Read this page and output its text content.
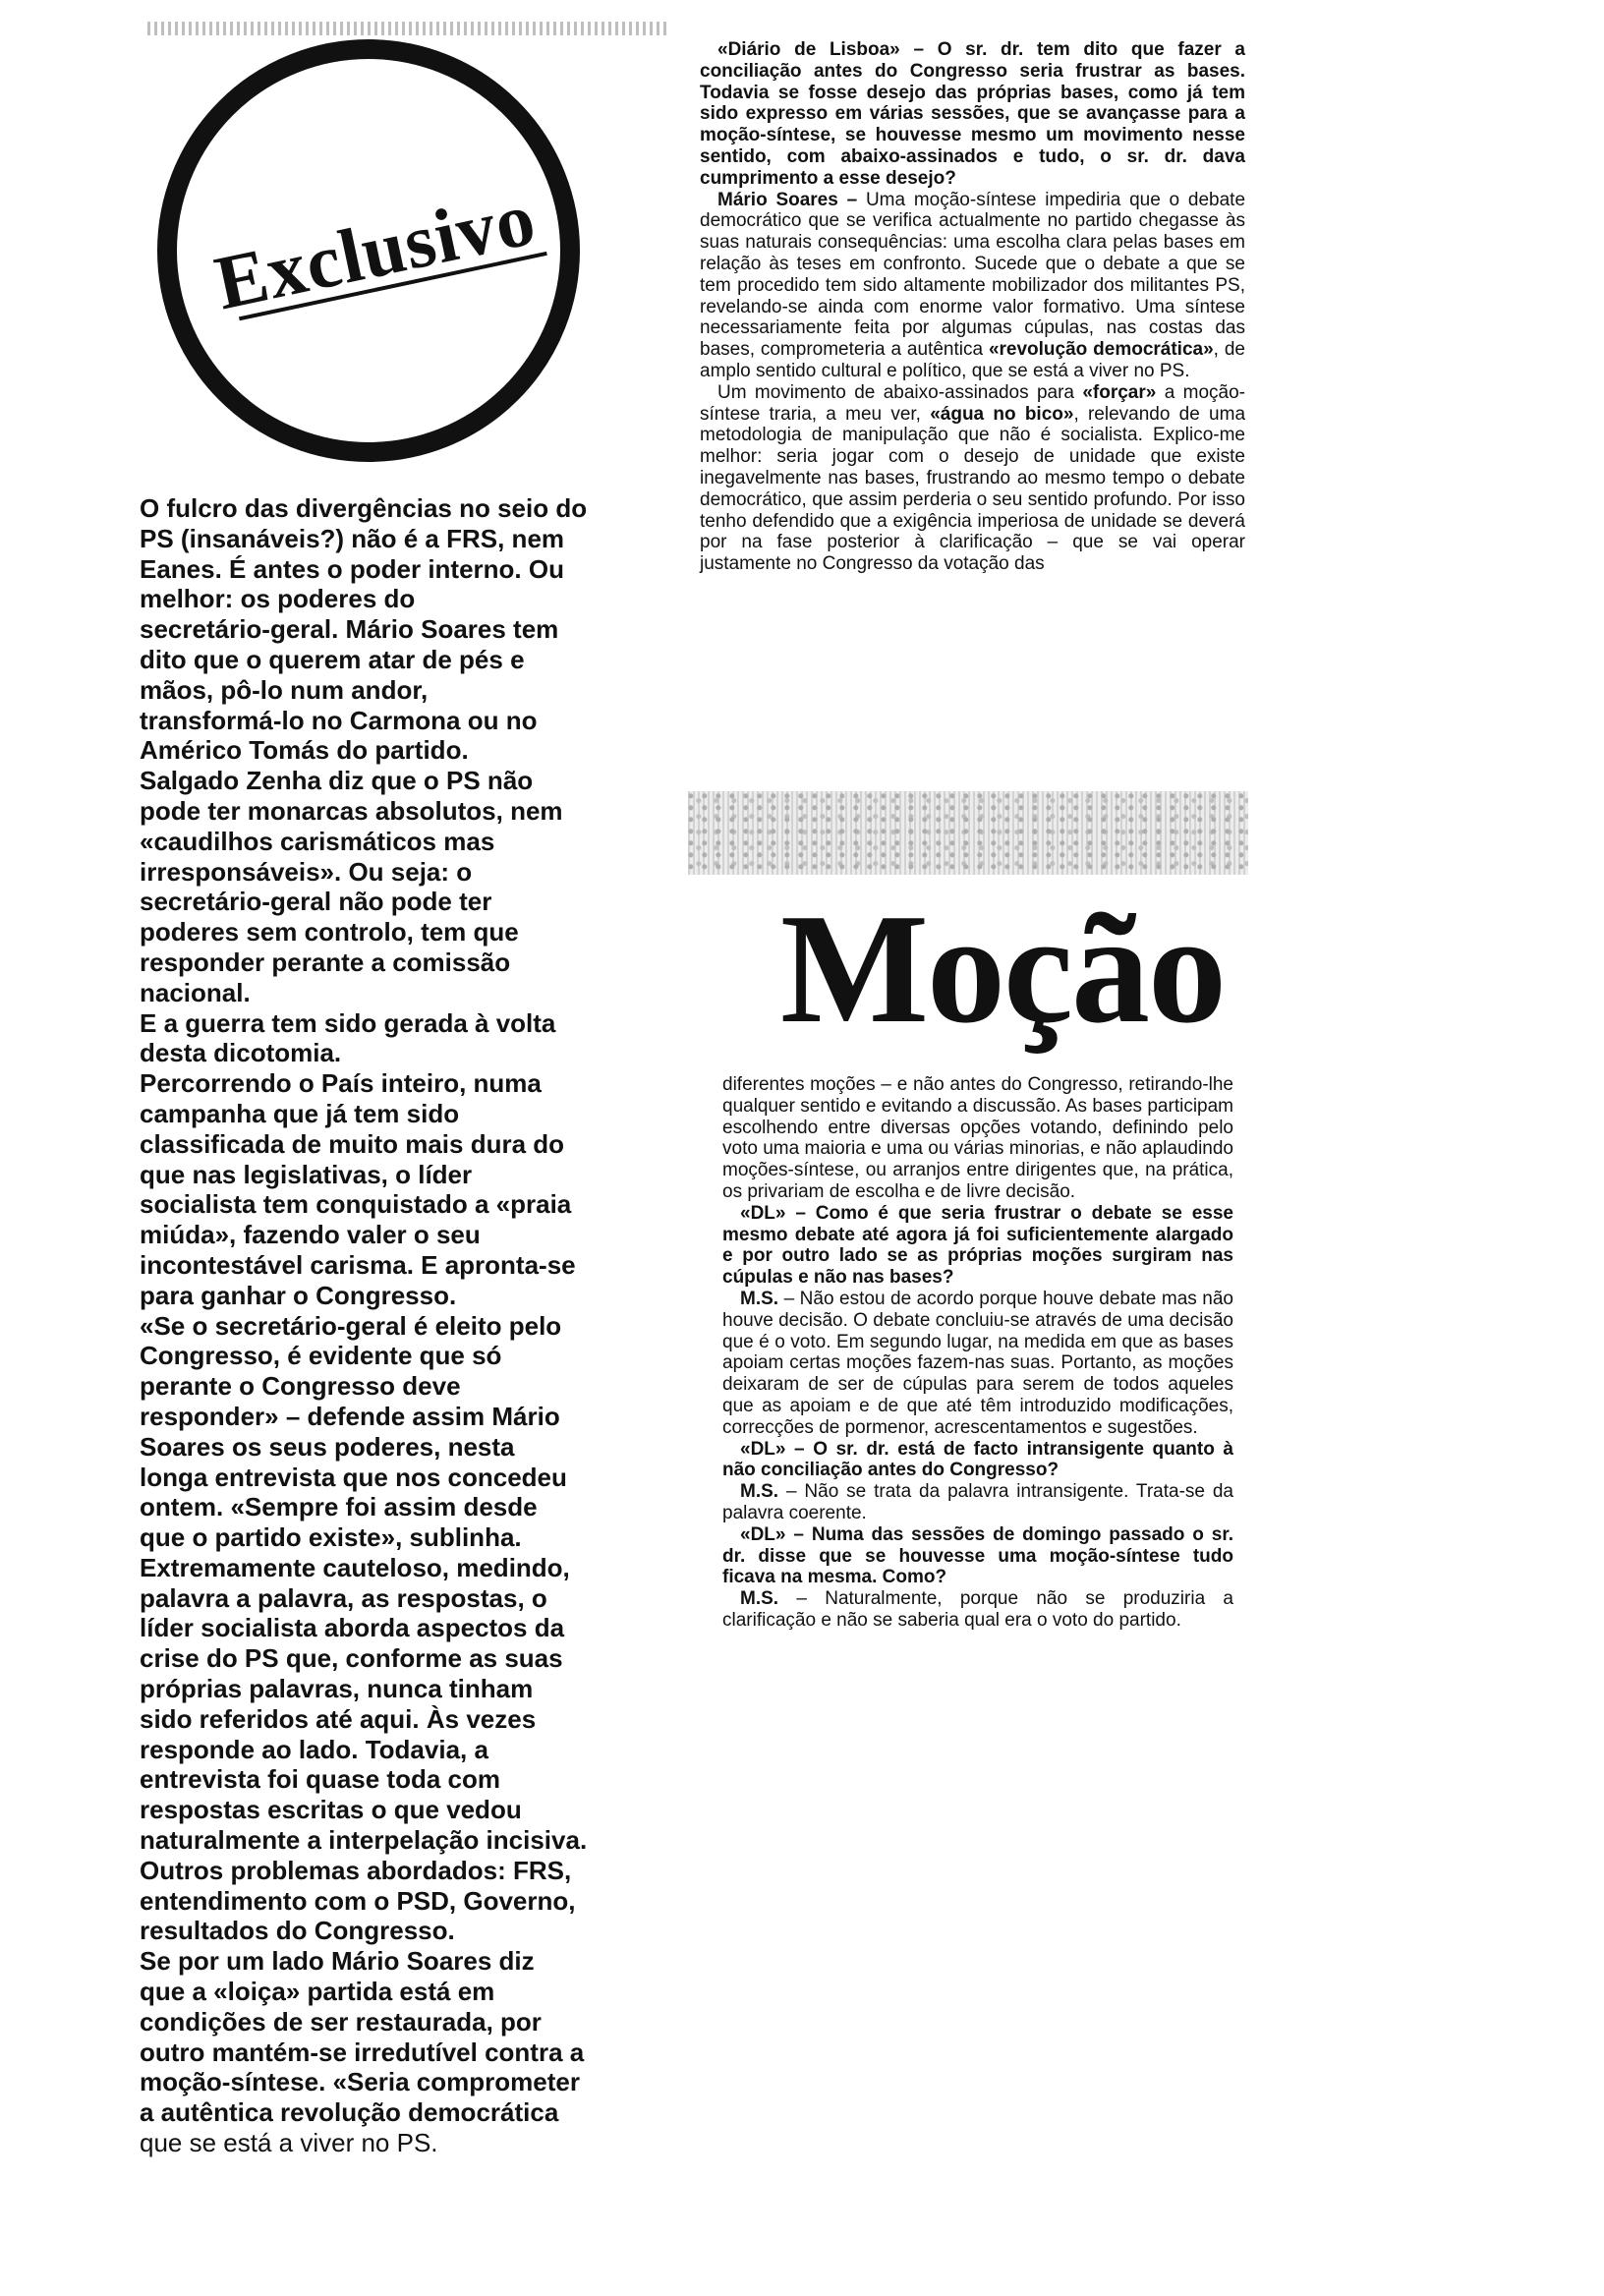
Exclusivo

O fulcro das divergências no seio do
PS (insanáveis?) não é a FRS, nem
Eanes. É antes o poder interno. Ou
melhor: os poderes do
secretário-geral. Mário Soares tem
dito que o querem atar de pés e
mãos, pô-lo num andor,
transformá-lo no Carmona ou no
Américo Tomás do partido.
Salgado Zenha diz que o PS não
pode ter monarcas absolutos, nem
«caudilhos carismáticos mas
irresponsáveis». Ou seja: o
secretário-geral não pode ter
poderes sem controlo, tem que
responder perante a comissão
nacional.
E a guerra tem sido gerada à volta
desta dicotomia.
Percorrendo o País inteiro, numa
campanha que já tem sido
classificada de muito mais dura do
que nas legislativas, o líder
socialista tem conquistado a «praia
miúda», fazendo valer o seu
incontestável carisma. E apronta-se
para ganhar o Congresso.
«Se o secretário-geral é eleito pelo
Congresso, é evidente que só
perante o Congresso deve
responder» – defende assim Mário
Soares os seus poderes, nesta
longa entrevista que nos concedeu
ontem. «Sempre foi assim desde
que o partido existe», sublinha.
Extremamente cauteloso, medindo,
palavra a palavra, as respostas, o
líder socialista aborda aspectos da
crise do PS que, conforme as suas
próprias palavras, nunca tinham
sido referidos até aqui. Às vezes
responde ao lado. Todavia, a
entrevista foi quase toda com
respostas escritas o que vedou
naturalmente a interpelação incisiva.
Outros problemas abordados: FRS,
entendimento com o PSD, Governo,
resultados do Congresso.
Se por um lado Mário Soares diz
que a «loiça» partida está em
condições de ser restaurada, por
outro mantém-se irredutível contra a
moção-síntese. «Seria comprometer
a autêntica revolução democrática

que se está a viver no PS.

«Diário de Lisboa» – O sr. dr. tem dito que fazer a conciliação antes do Congresso seria frustrar as bases. Todavia se fosse desejo das próprias bases, como já tem sido expresso em várias sessões, que se avançasse para a moção-síntese, se houvesse mesmo um movimento nesse sentido, com abaixo-assinados e tudo, o sr. dr. dava cumprimento a esse desejo?

Mário Soares – Uma moção-síntese impediria que o debate democrático que se verifica actualmente no partido chegasse às suas naturais consequências: uma escolha clara pelas bases em relação às teses em confronto. Sucede que o debate a que se tem procedido tem sido altamente mobilizador dos militantes PS, revelando-se ainda com enorme valor formativo. Uma síntese necessariamente feita por algumas cúpulas, nas costas das bases, comprometeria a autêntica «revolução democrática», de amplo sentido cultural e político, que se está a viver no PS.

Um movimento de abaixo-assinados para «forçar» a moção-síntese traria, a meu ver, «água no bico», relevando de uma metodologia de manipulação que não é socialista. Explico-me melhor: seria jogar com o desejo de unidade que existe inegavelmente nas bases, frustrando ao mesmo tempo o debate democrático, que assim perderia o seu sentido profundo. Por isso tenho defendido que a exigência imperiosa de unidade se deverá por na fase posterior à clarificação – que se vai operar justamente no Congresso da votação das

Moção

diferentes moções – e não antes do Congresso, retirando-lhe qualquer sentido e evitando a discussão. As bases participam escolhendo entre diversas opções votando, definindo pelo voto uma maioria e uma ou várias minorias, e não aplaudindo moções-síntese, ou arranjos entre dirigentes que, na prática, os privariam de escolha e de livre decisão.

«DL» – Como é que seria frustrar o debate se esse mesmo debate até agora já foi suficientemente alargado e por outro lado se as próprias moções surgiram nas cúpulas e não nas bases?

M.S. – Não estou de acordo porque houve debate mas não houve decisão. O debate concluiu-se através de uma decisão que é o voto. Em segundo lugar, na medida em que as bases apoiam certas moções fazem-nas suas. Portanto, as moções deixaram de ser de cúpulas para serem de todos aqueles que as apoiam e de que até têm introduzido modificações, correcções de pormenor, acrescentamentos e sugestões.

«DL» – O sr. dr. está de facto intransigente quanto à não conciliação antes do Congresso?

M.S. – Não se trata da palavra intransigente. Trata-se da palavra coerente.

«DL» – Numa das sessões de domingo passado o sr. dr. disse que se houvesse uma moção-síntese tudo ficava na mesma. Como?

M.S. – Naturalmente, porque não se produziria a clarificação e não se saberia qual era o voto do partido.
